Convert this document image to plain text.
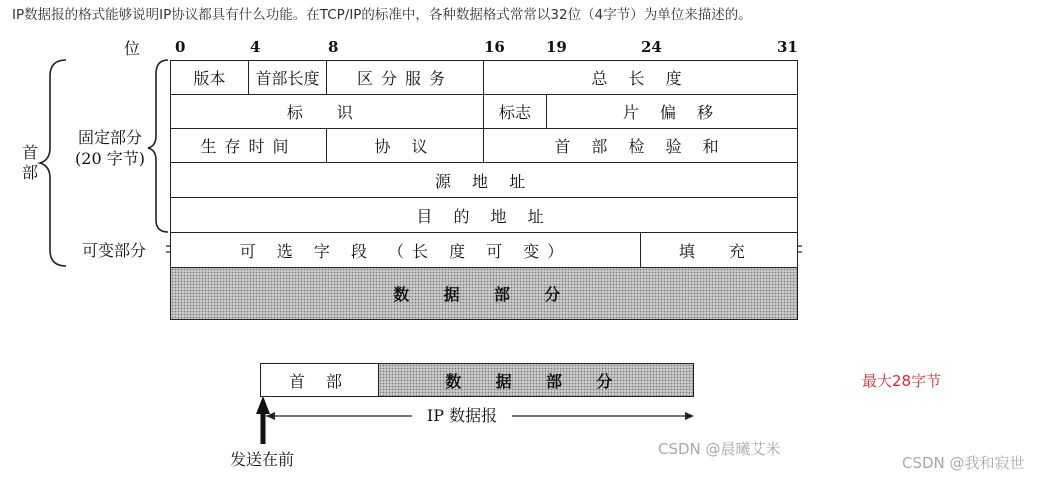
IP数据报的格式能够说明IP协议都具有什么功能。在TCP/IP的标准中，各种数据格式常常以32位（4字节）为单位来描述的。
位 0	4	8	16	19	24	31
首部
固定部分
(20 字节)
可变部分
版本	首部长度	区分服务	总 长 度
标 识	标志	片 偏 移
生存时间	协 议	首 部 检 验 和
源 地 址
目 的 地 址
可 选 字 段 （长 度 可 变）	填 充
数 据 部 分
首 部	数 据 部 分
IP 数据报
发送在前
最大28字节
CSDN @晨曦艾米
CSDN @我和寂世
